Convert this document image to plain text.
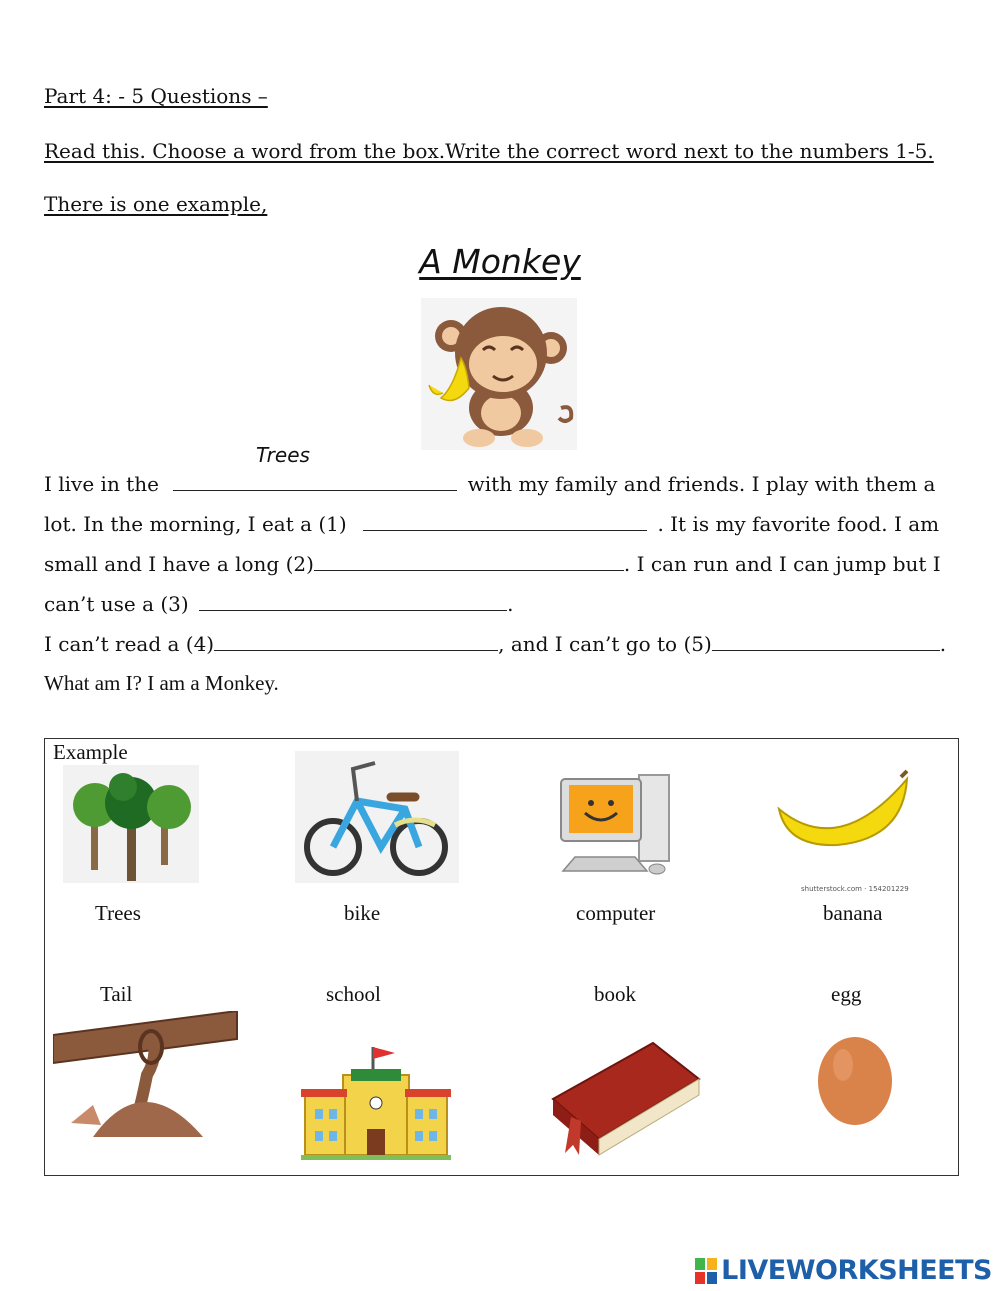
Part 4: - 5 Questions –
Read this. Choose a word from the box.Write the correct word next to the numbers 1-5.
There is one example,
A Monkey
Trees
I live in the	with my family and friends. I play with them a
lot. In the morning, I eat a (1)	. It is my favorite food. I am
small and I have a long (2)	. I can run and I can jump but I
can’t use a (3)	.
I can’t read a (4)	, and I can’t go to (5)	.
What am I? I am a Monkey.
Example
shutterstock.com · 154201229
Trees	bike	computer	banana
Tail	school	book	egg
LIVEWORKSHEETS
